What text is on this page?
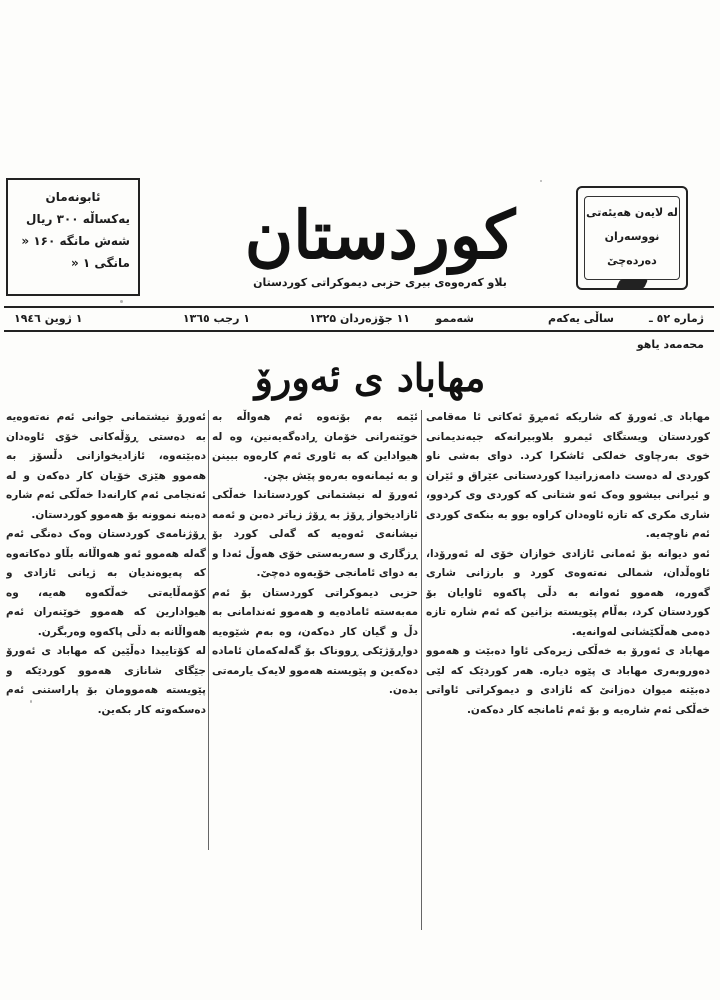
ئابونەمان
یەکساڵە ۳۰۰ ریال
شەش مانگە ۱۶۰ «
مانگی ۱ «	کوردستان
بلاو کەرەوەی بیری حزبی دیموکراتی کوردستان
لە لایەن هەیئەتی
نووسەران دەردەچێ
ژمارە ٥٢ ـ
ساڵی یەکەم
شەممو
۱۱ جۆزەردان ۱۳۲۵
۱ رجب ۱۳٦٥
۱ ژوین ۱۹٤٦
محەمەد یاهو
مهاباد ی ئەورۆ

مهاباد ی ئەورۆ کە شاریکە ئەمڕۆ ئەکاتی ئا مەقامی کوردستان ویستگای ئیمرو بلاوبیرانەکە جیەندیمانی خوی بەرچاوی خەلکی ئاشکرا کرد. دوای بەشی ناو کوردی لە دەست دامەزرانیدا کوردستانی عێراق و ئێران و ئیرانی بیشوو وەک ئەو شتانی کە کوردی وی کردوو، شاری مکری کە تازە ئاوەدان کراوە بوو بە بنکەی کوردی ئەم ناوچەیە.

ئەو دیوانە بۆ ئەمانی ئازادی خوازان خۆی لە ئەورۆدا، ئاوەڵدان، شمالی نەتەوەی کورد و بارزانی شاری گەورە، هەموو ئەوانە بە دڵی پاکەوە ئاوایان بۆ کوردستان کرد، بەڵام پێویستە بزانین کە ئەم شارە تازە دەمی هەڵکێشانی لەوانەیە.

مهاباد ی ئەورۆ بە خەڵکی زیرەکی ئاوا دەبێت و هەموو دەوروبەری مهاباد ی پێوە دیارە. هەر کوردێک کە لێی دەبێتە میوان دەزانێ کە ئازادی و دیموکراتی ئاواتی خەڵکی ئەم شارەیە و بۆ ئەم ئامانجە کار دەکەن.

ئێمە بەم بۆنەوە ئەم هەواڵە بە خوێنەرانی خۆمان ڕادەگەیەنین، وە لە هیواداین کە بە ئاوری ئەم کارەوە ببینن و بە ئیمانەوە بەرەو پێش بچن.

ئەورۆ لە نیشتمانی کوردستاندا خەڵکی ئازادیخواز ڕۆژ بە ڕۆژ زیاتر دەبن و ئەمە نیشانەی ئەوەیە کە گەلی کورد بۆ ڕزگاری و سەربەستی خۆی هەوڵ ئەدا و بە دوای ئامانجی خۆیەوە دەچێ.

حزبی دیموکراتی کوردستان بۆ ئەم مەبەستە ئامادەیە و هەموو ئەندامانی بە دڵ و گیان کار دەکەن، وە بەم شێوەیە دواڕۆژێکی ڕووناک بۆ گەلەکەمان ئامادە دەکەین و پێویستە هەموو لایەک یارمەتی بدەن.

ئەورۆ نیشتمانی جوانی ئەم نەتەوەیە بە دەستی ڕۆڵەکانی خۆی ئاوەدان دەبێتەوە، ئازادیخوازانی دڵسۆز بە هەموو هێزی خۆیان کار دەکەن و لە ئەنجامی ئەم کارانەدا خەڵکی ئەم شارە دەبنە نموونە بۆ هەموو کوردستان.

ڕۆژنامەی کوردستان وەک دەنگی ئەم گەلە هەموو ئەو هەواڵانە بڵاو دەکاتەوە کە پەیوەندیان بە ژیانی ئازادی و کۆمەڵایەتی خەڵکەوە هەیە، وە هیوادارین کە هەموو خوێنەران ئەم هەواڵانە بە دڵی پاکەوە وەربگرن.

لە کۆتاییدا دەڵێین کە مهاباد ی ئەورۆ جێگای شانازی هەموو کوردێکە و پێویستە هەموومان بۆ پاراستنی ئەم دەسکەوتە کار بکەین.
